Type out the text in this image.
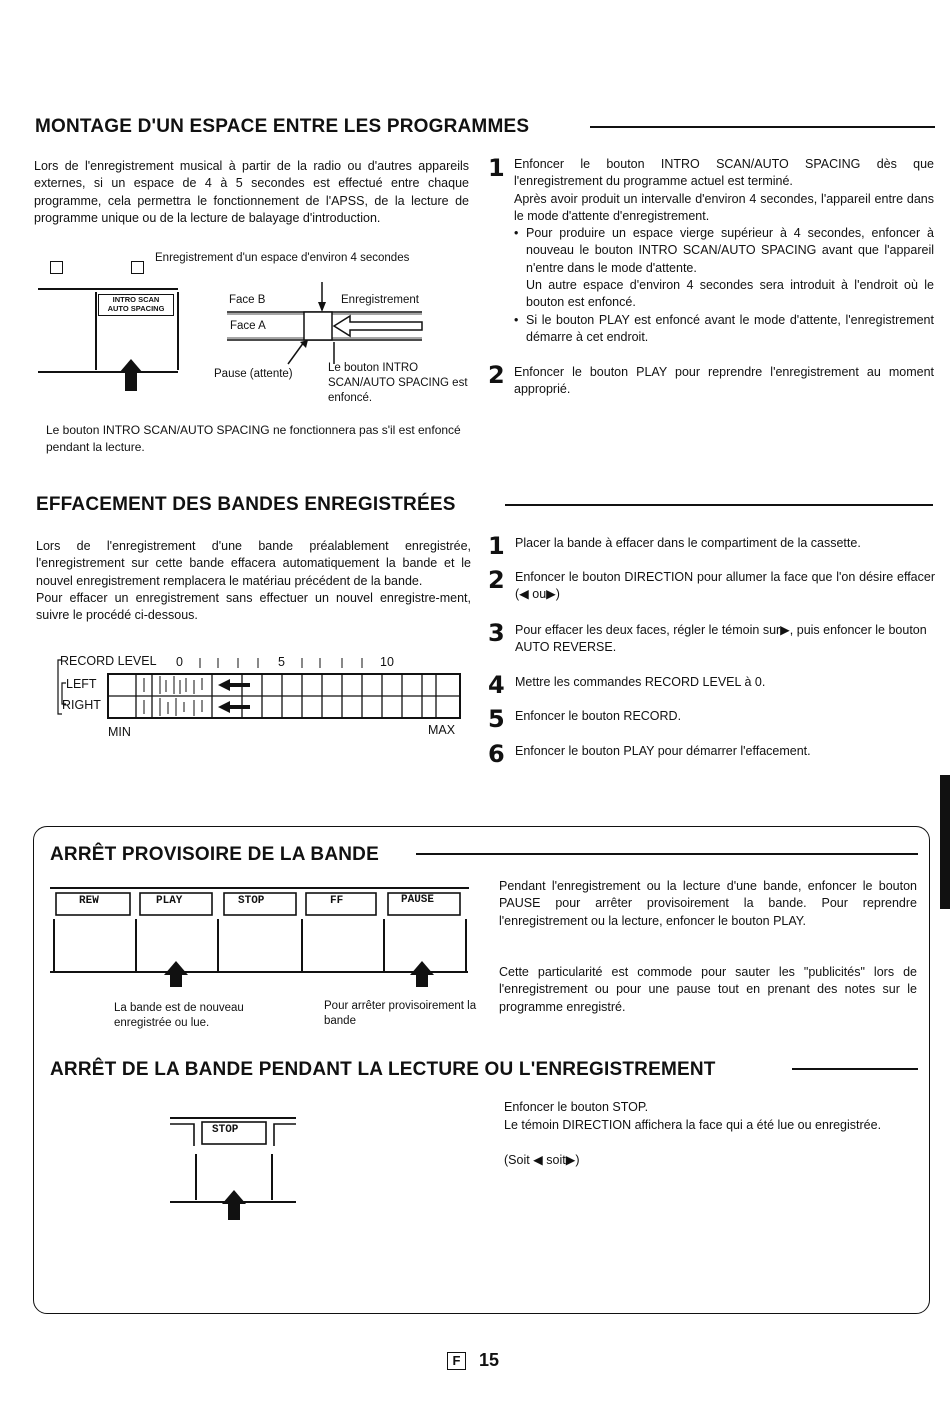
MONTAGE D'UN ESPACE ENTRE LES PROGRAMMES
Lors de l'enregistrement musical à partir de la radio ou d'autres appareils externes, si un espace de 4 à 5 secondes est effectué entre chaque programme, cela permettra le fonctionnement de l'APSS, de la lecture de programme unique ou de la lecture de balayage d'introduction.
Enregistrement d'un espace d'environ 4 secondes
INTRO SCAN
AUTO SPACING
Face B
Face A
Enregistrement
Pause (attente)	Le bouton INTRO SCAN/AUTO SPACING est enfoncé.
Le bouton INTRO SCAN/AUTO SPACING ne fonctionnera pas s'il est enfoncé pendant la lecture.
1 Enfoncer le bouton INTRO SCAN/AUTO SPACING dès que l'enregistrement du programme actuel est terminé.
Après avoir produit un intervalle d'environ 4 secondes, l'appareil entre dans le mode d'attente d'enregistrement.
• Pour produire un espace vierge supérieur à 4 secondes, enfoncer à nouveau le bouton INTRO SCAN/AUTO SPACING avant que l'appareil n'entre dans le mode d'attente.
Un autre espace d'environ 4 secondes sera introduit à l'endroit où le bouton est enfoncé.
• Si le bouton PLAY est enfoncé avant le mode d'attente, l'enregistrement démarre à cet endroit.
2 Enfoncer le bouton PLAY pour reprendre l'enregistrement au moment approprié.
EFFACEMENT DES BANDES ENREGISTRÉES
Lors de l'enregistrement d'une bande préalablement enregistrée, l'enregistrement sur cette bande effacera automatiquement la bande et le nouvel enregistrement remplacera le matériau précédent de la bande.
Pour effacer un enregistrement sans effectuer un nouvel enregistre-ment, suivre le procédé ci-dessous.
RECORD LEVEL 0	5	10
LEFT
RIGHT
MIN	MAX
1 Placer la bande à effacer dans le compartiment de la cassette.
2 Enfoncer le bouton DIRECTION pour allumer la face que l'on désire effacer (◀ ou▶)
3 Pour effacer les deux faces, régler le témoin sur▶, puis enfoncer le bouton AUTO REVERSE.
4 Mettre les commandes RECORD LEVEL à 0.
5 Enfoncer le bouton RECORD.
6 Enfoncer le bouton PLAY pour démarrer l'effacement.
ARRÊT PROVISOIRE DE LA BANDE
REW	PLAY	STOP	FF	PAUSE
La bande est de nouveau enregistrée ou lue.
Pour arrêter provisoirement la bande
Pendant l'enregistrement ou la lecture d'une bande, enfoncer le bouton PAUSE pour arrêter provisoirement la bande. Pour reprendre l'enregistrement ou la lecture, enfoncer le bouton PLAY.
Cette particularité est commode pour sauter les "publicités" lors de l'enregistrement ou pour une pause tout en prenant des notes sur le programme enregistré.
ARRÊT DE LA BANDE PENDANT LA LECTURE OU L'ENREGISTREMENT
STOP
Enfoncer le bouton STOP.
Le témoin DIRECTION affichera la face qui a été lue ou enregistrée.
(Soit ◀ soit▶)
F	15
